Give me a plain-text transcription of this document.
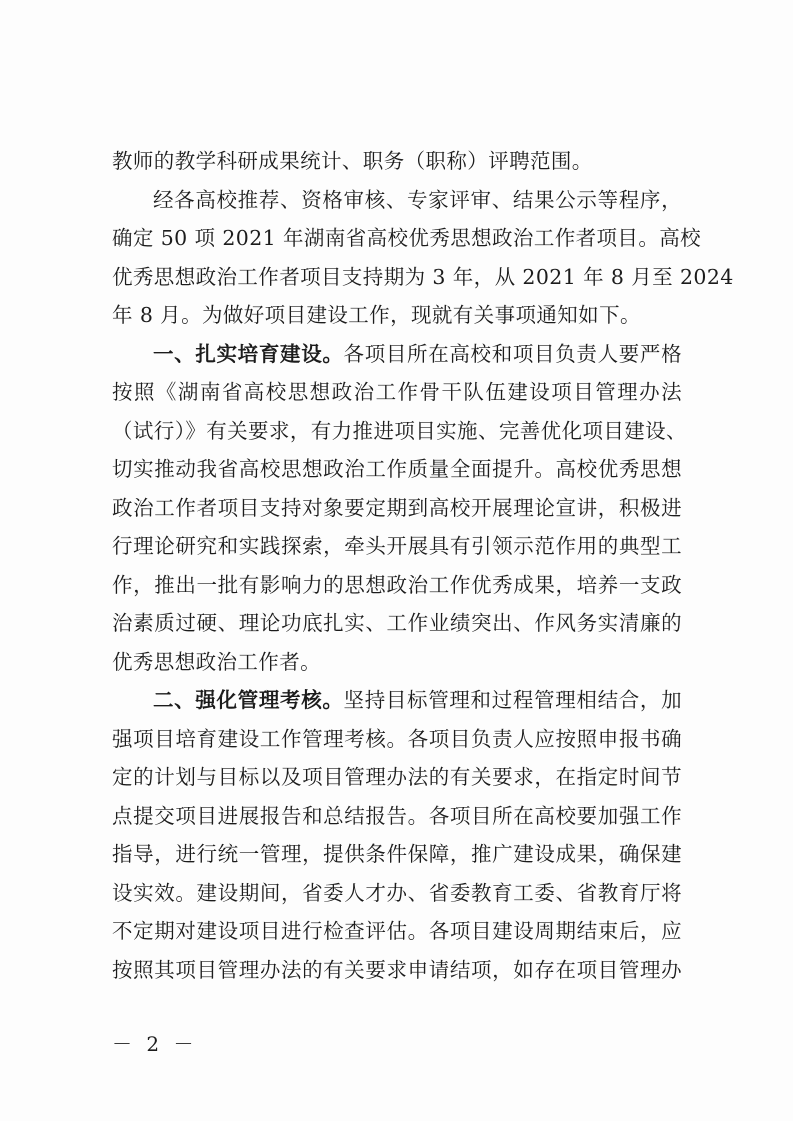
教师的教学科研成果统计、职务（职称）评聘范围。
经各高校推荐、资格审核、专家评审、结果公示等程序，
确定 50 项 2021 年湖南省高校优秀思想政治工作者项目。高校
优秀思想政治工作者项目支持期为 3 年，从 2021 年 8 月至 2024
年 8 月。为做好项目建设工作，现就有关事项通知如下。
一、扎实培育建设。各项目所在高校和项目负责人要严格
按照《湖南省高校思想政治工作骨干队伍建设项目管理办法
（试行）》有关要求，有力推进项目实施、完善优化项目建设、
切实推动我省高校思想政治工作质量全面提升。高校优秀思想
政治工作者项目支持对象要定期到高校开展理论宣讲，积极进
行理论研究和实践探索，牵头开展具有引领示范作用的典型工
作，推出一批有影响力的思想政治工作优秀成果，培养一支政
治素质过硬、理论功底扎实、工作业绩突出、作风务实清廉的
优秀思想政治工作者。
二、强化管理考核。坚持目标管理和过程管理相结合，加
强项目培育建设工作管理考核。各项目负责人应按照申报书确
定的计划与目标以及项目管理办法的有关要求，在指定时间节
点提交项目进展报告和总结报告。各项目所在高校要加强工作
指导，进行统一管理，提供条件保障，推广建设成果，确保建
设实效。建设期间，省委人才办、省委教育工委、省教育厅将
不定期对建设项目进行检查评估。各项目建设周期结束后，应
按照其项目管理办法的有关要求申请结项，如存在项目管理办
－ 2 －
